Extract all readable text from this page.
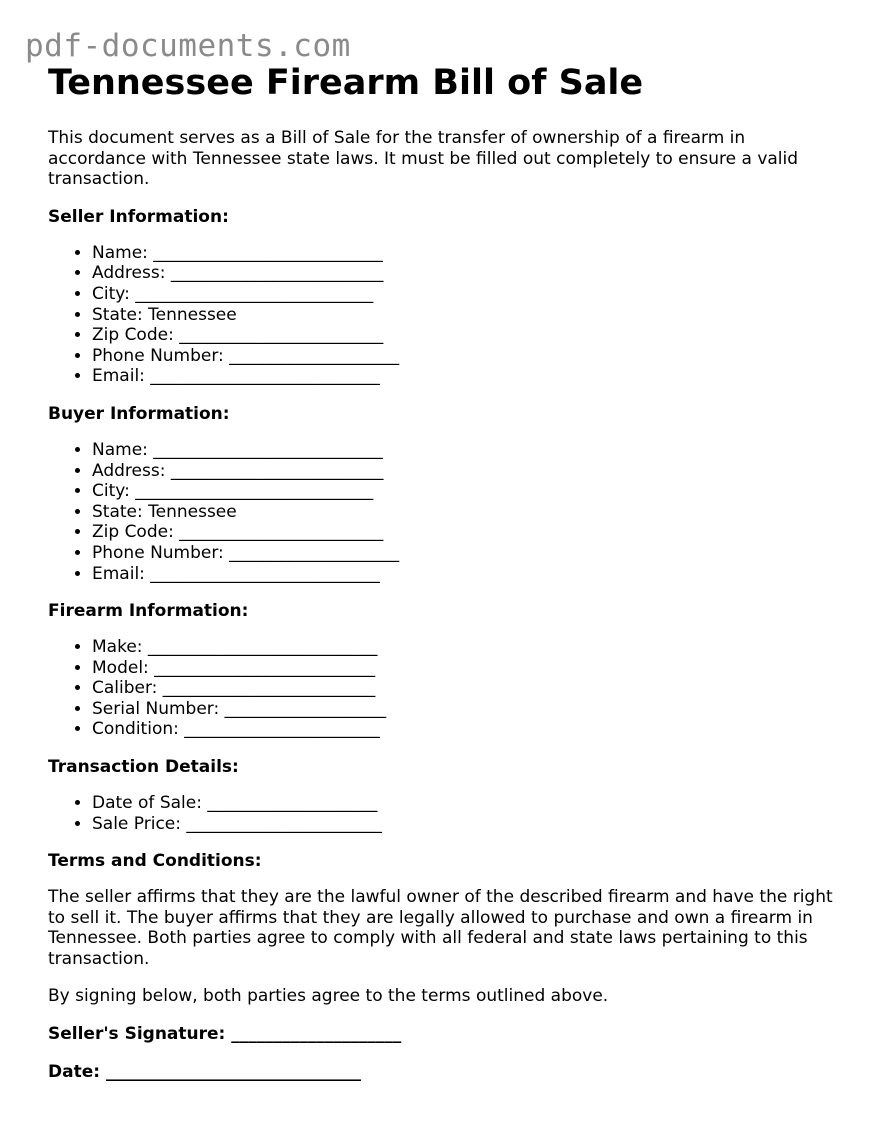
pdf-documents.com
Tennessee Firearm Bill of Sale

This document serves as a Bill of Sale for the transfer of ownership of a firearm in accordance with Tennessee state laws. It must be filled out completely to ensure a valid transaction.

Seller Information:
• Name: ___________________________
• Address: _________________________
• City: ____________________________
• State: Tennessee
• Zip Code: ________________________
• Phone Number: ____________________
• Email: ___________________________
Buyer Information:
• Name: ___________________________
• Address: _________________________
• City: ____________________________
• State: Tennessee
• Zip Code: ________________________
• Phone Number: ____________________
• Email: ___________________________
Firearm Information:
• Make: ___________________________
• Model: __________________________
• Caliber: _________________________
• Serial Number: ___________________
• Condition: _______________________
Transaction Details:
• Date of Sale: ____________________
• Sale Price: _______________________
Terms and Conditions:

The seller affirms that they are the lawful owner of the described firearm and have the right to sell it. The buyer affirms that they are legally allowed to purchase and own a firearm in Tennessee. Both parties agree to comply with all federal and state laws pertaining to this transaction.

By signing below, both parties agree to the terms outlined above.

Seller's Signature: ____________________
Date: ______________________________
